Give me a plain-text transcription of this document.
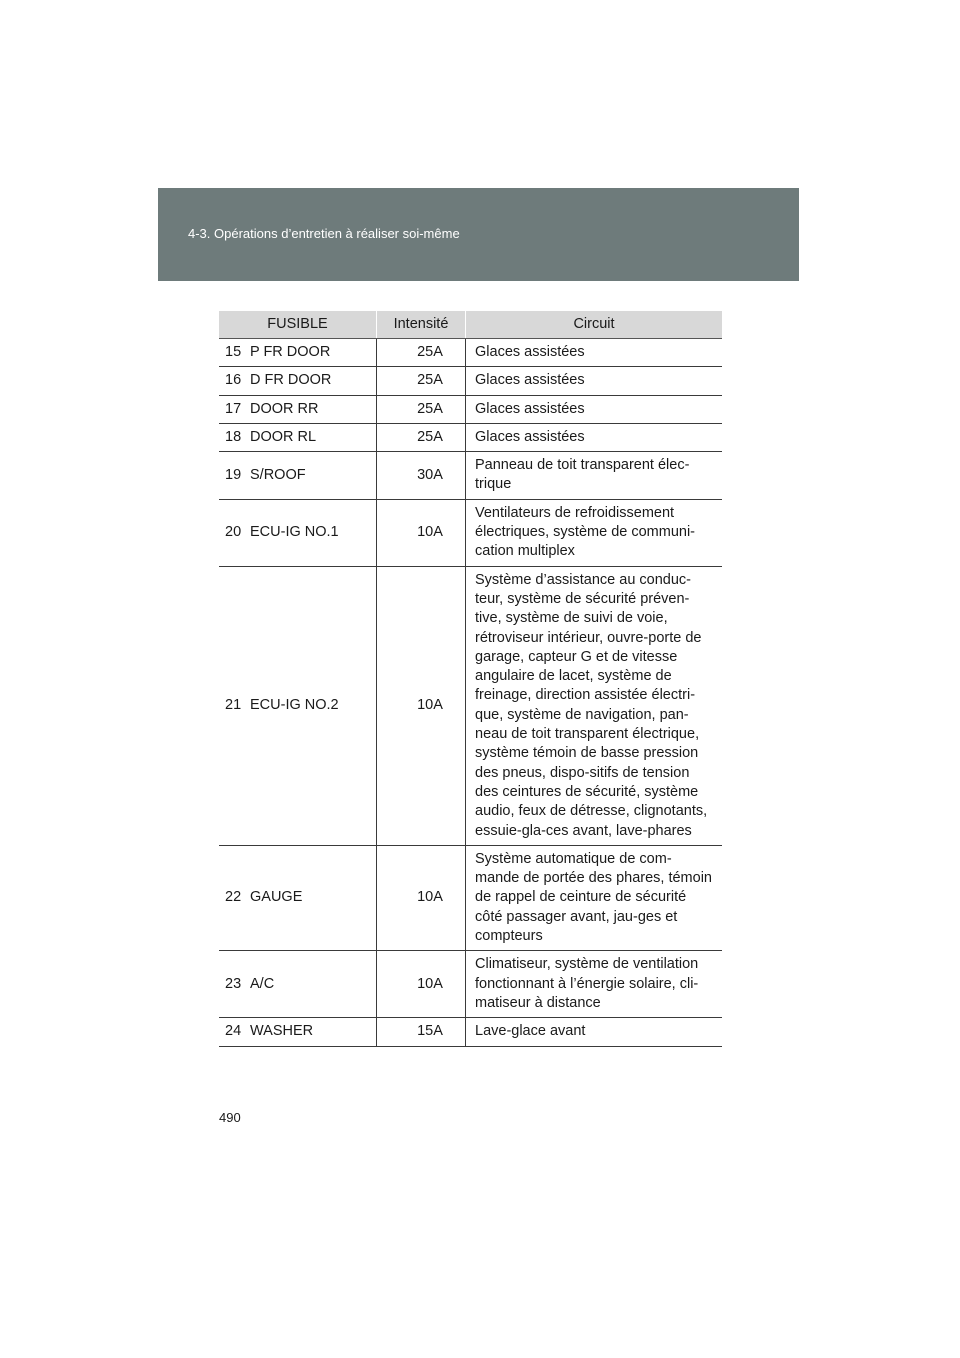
4-3. Opérations d’entretien à réaliser soi-même
FUSIBLE		Intensité	Circuit
15	P FR DOOR	25A	Glaces assistées
16	D FR DOOR	25A	Glaces assistées
17	DOOR RR	25A	Glaces assistées
18	DOOR RL	25A	Glaces assistées
19	S/ROOF	30A	Panneau de toit transparent élec-trique
20	ECU-IG NO.1	10A	Ventilateurs de refroidissement électriques, système de communi-cation multiplex
21	ECU-IG NO.2	10A	Système d’assistance au conduc-teur, système de sécurité préven-tive, système de suivi de voie, rétroviseur intérieur, ouvre-porte de garage, capteur G et de vitesse angulaire de lacet, système de freinage, direction assistée électri-que, système de navigation, pan-neau de toit transparent électrique, système témoin de basse pression des pneus, dispo-sitifs de tension des ceintures de sécurité, système audio, feux de détresse, clignotants, essuie-gla-ces avant, lave-phares
22	GAUGE	10A	Système automatique de com-mande de portée des phares, témoin de rappel de ceinture de sécurité côté passager avant, jau-ges et compteurs
23	A/C	10A	Climatiseur, système de ventilation fonctionnant à l’énergie solaire, cli-matiseur à distance
24	WASHER	15A	Lave-glace avant
490
